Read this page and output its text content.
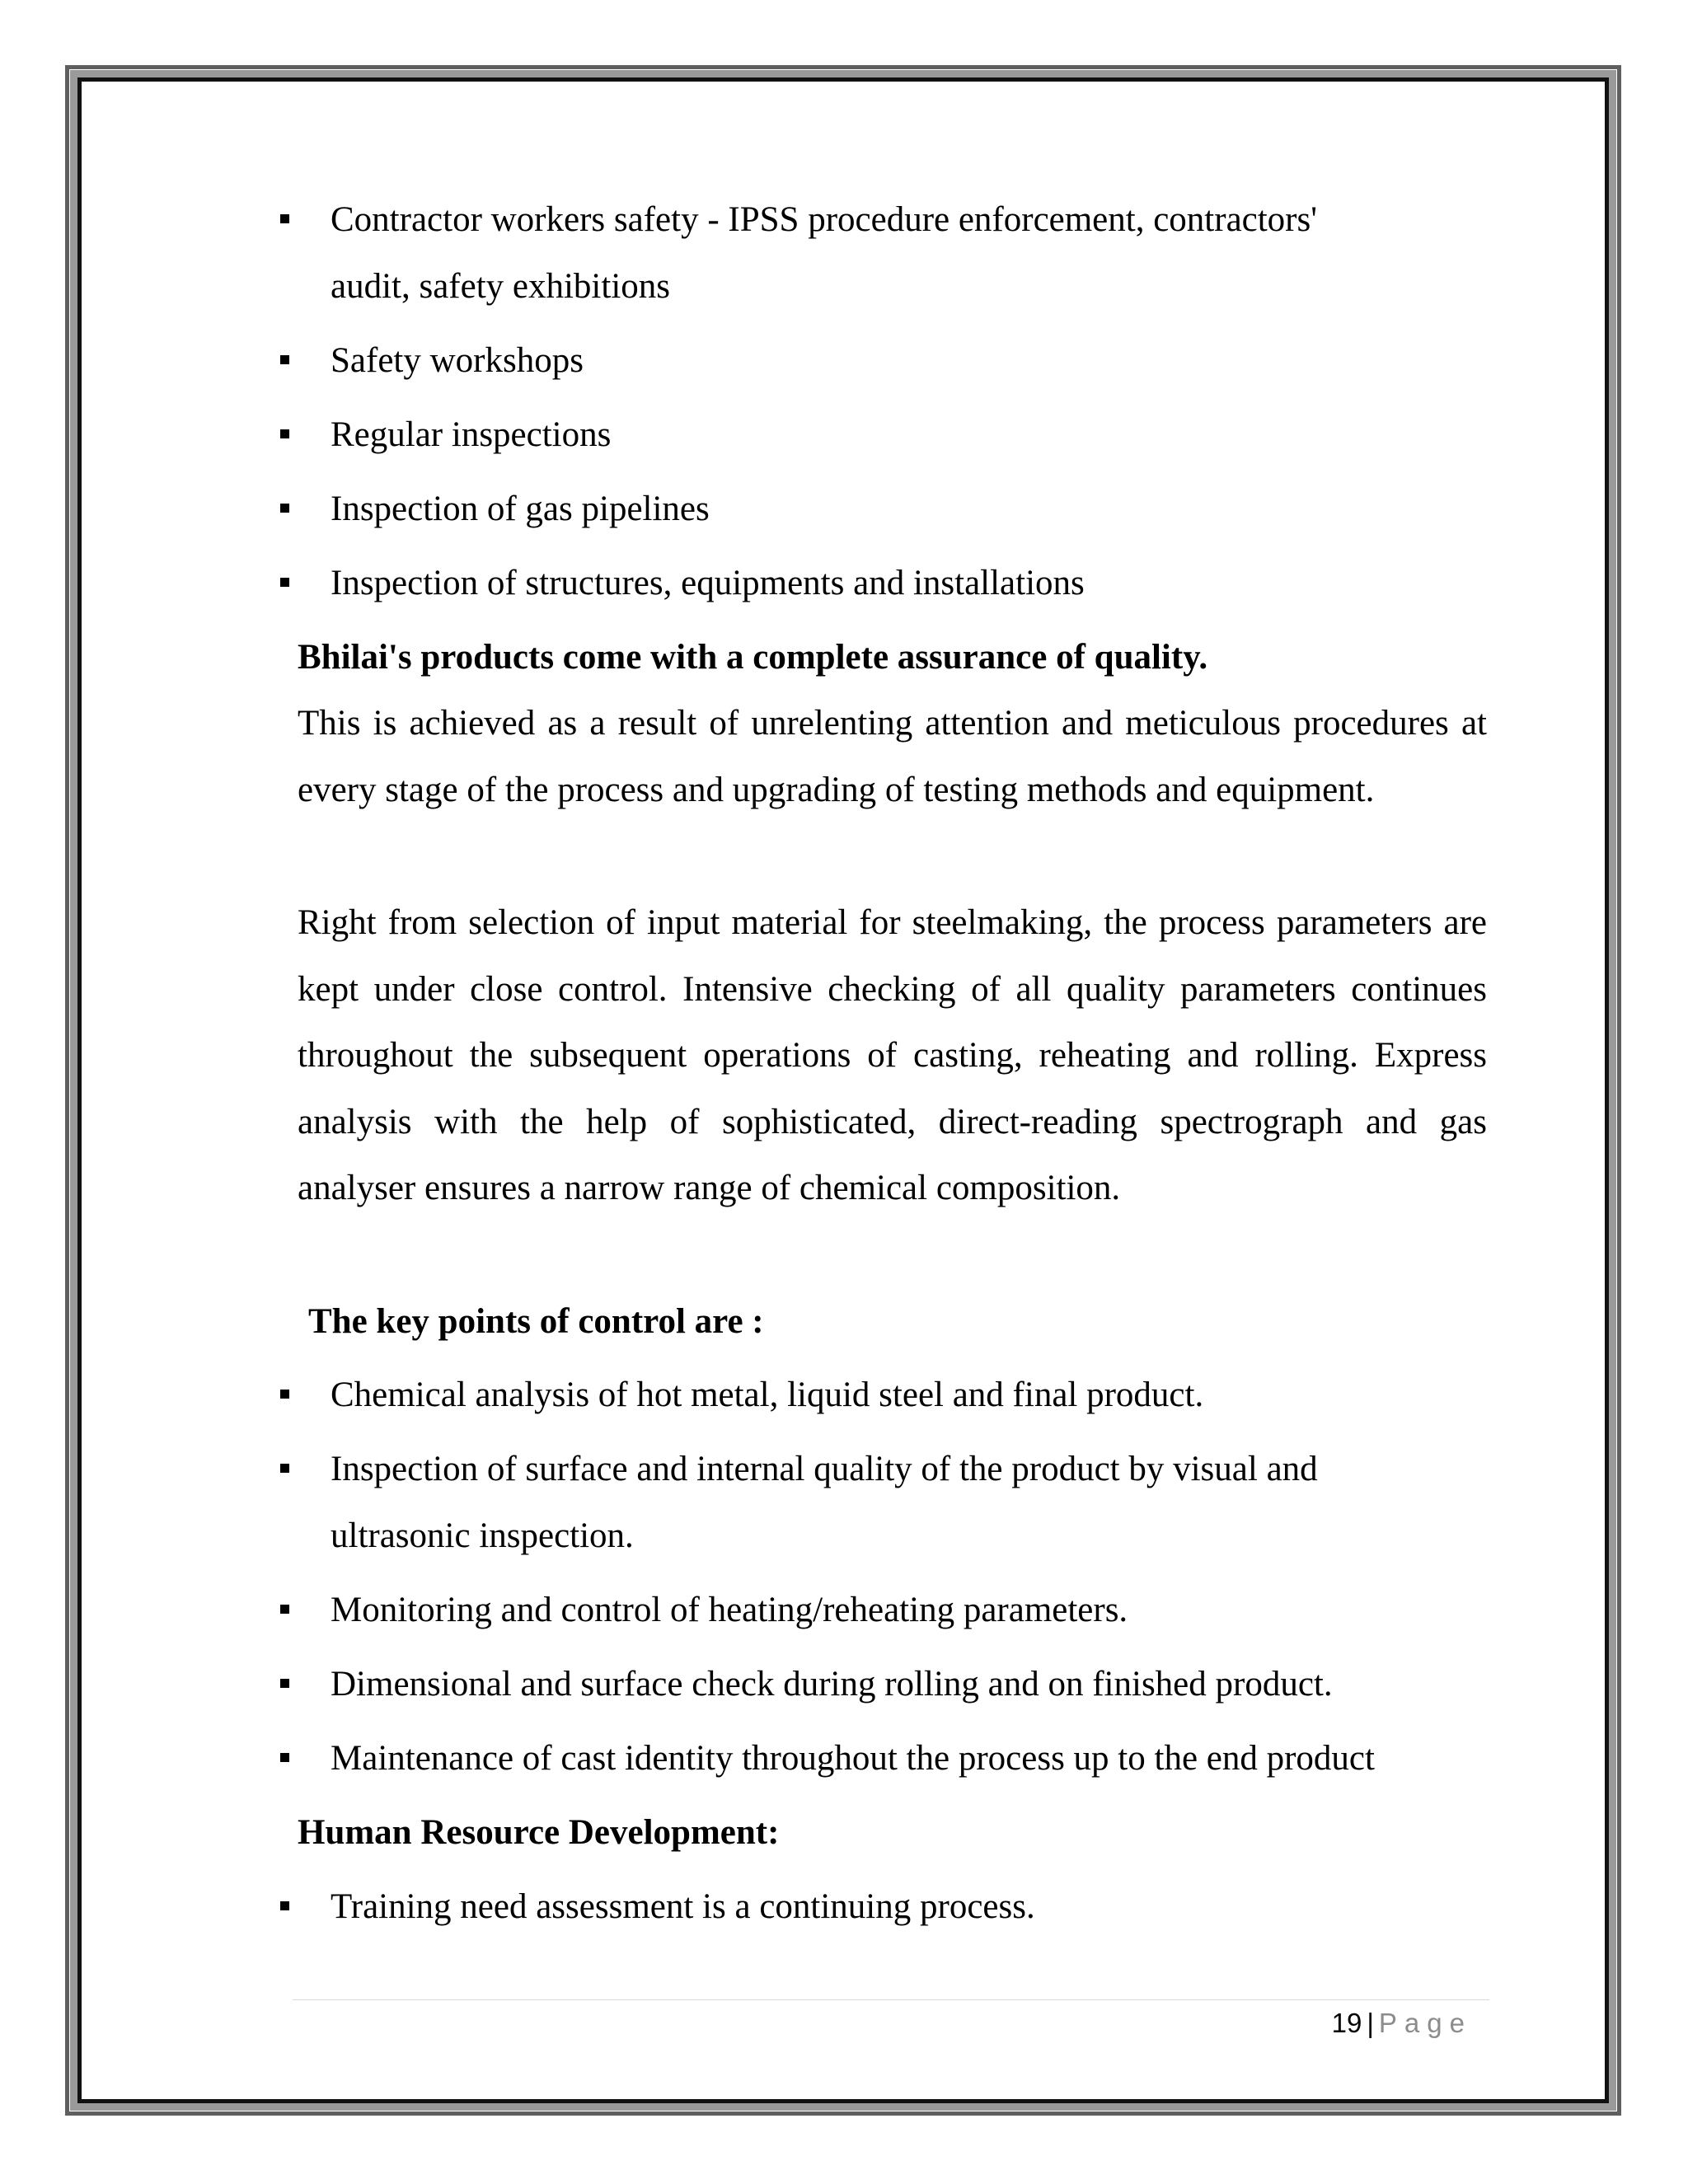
Contractor workers safety - IPSS procedure enforcement, contractors'
audit, safety exhibitions
Safety workshops
Regular inspections
Inspection of gas pipelines
Inspection of structures, equipments and installations
Bhilai's products come with a complete assurance of quality.
This is achieved as a result of unrelenting attention and meticulous procedures at every stage of the process and upgrading of testing methods and equipment.
Right from selection of input material for steelmaking, the process parameters are kept under close control. Intensive checking of all quality parameters continues throughout the subsequent operations of casting, reheating and rolling. Express analysis with the help of sophisticated, direct-reading spectrograph and gas analyser ensures a narrow range of chemical composition.
The key points of control are :
Chemical analysis of hot metal, liquid steel and final product.
Inspection of surface and internal quality of the product by visual and
ultrasonic inspection.
Monitoring and control of heating/reheating parameters.
Dimensional and surface check during rolling and on finished product.
Maintenance of cast identity throughout the process up to the end product
Human Resource Development:
Training need assessment is a continuing process.
19 | Page
